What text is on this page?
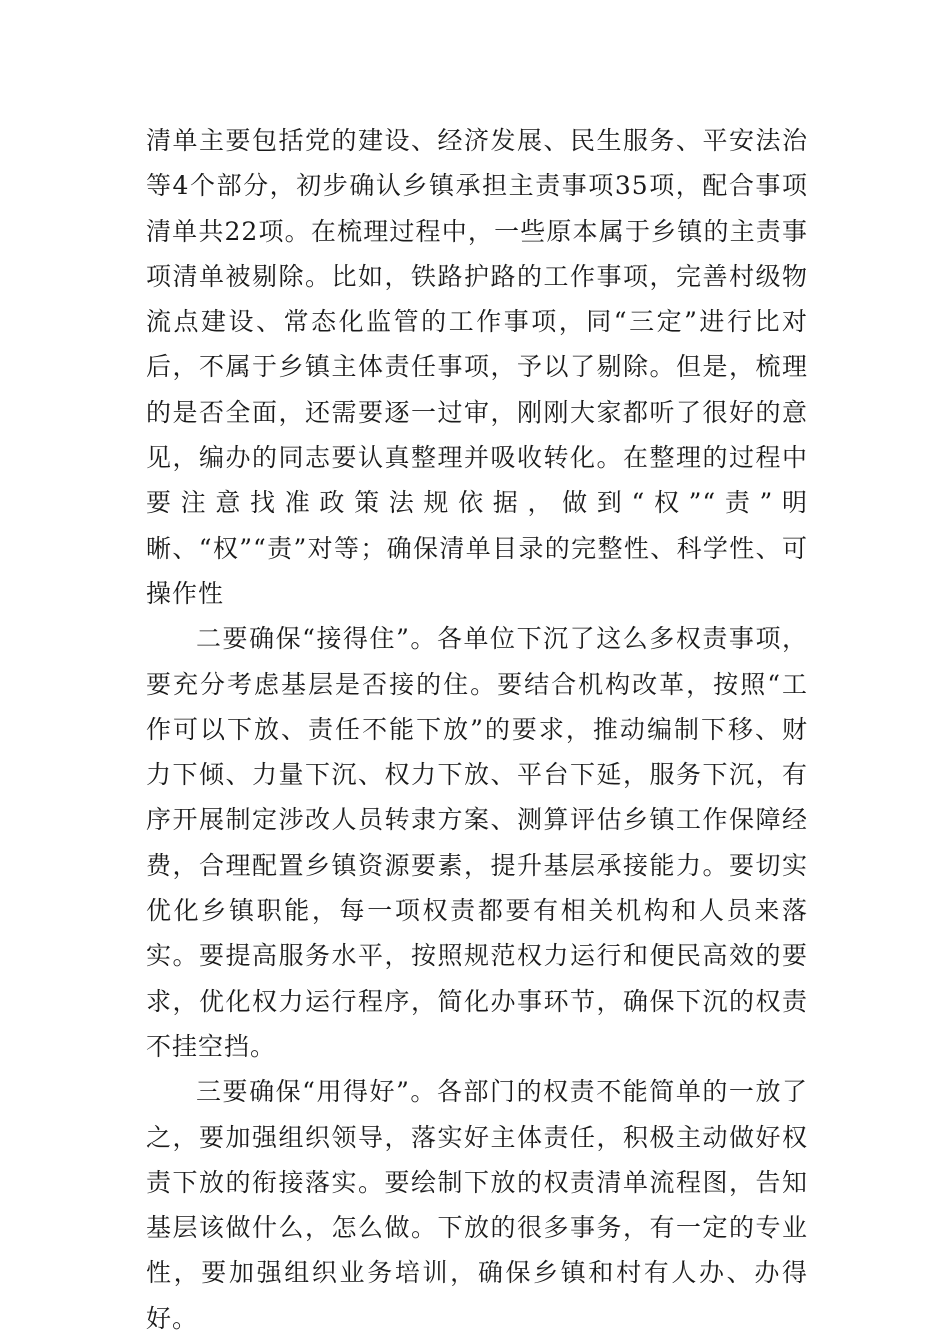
清单主要包括党的建设、经济发展、民生服务、平安法治等4个部分，初步确认乡镇承担主责事项35项，配合事项清单共22项。在梳理过程中，一些原本属于乡镇的主责事项清单被剔除。比如，铁路护路的工作事项，完善村级物流点建设、常态化监管的工作事项，同“三定”进行比对后，不属于乡镇主体责任事项，予以了剔除。但是，梳理的是否全面，还需要逐一过审，刚刚大家都听了很好的意见，编办的同志要认真整理并吸收转化。在整理的过程中要注意找准政策法规依据，做到“权”“责”明晰、“权”“责”对等；确保清单目录的完整性、科学性、可操作性

二要确保“接得住”。各单位下沉了这么多权责事项，要充分考虑基层是否接的住。要结合机构改革，按照“工作可以下放、责任不能下放”的要求，推动编制下移、财力下倾、力量下沉、权力下放、平台下延，服务下沉，有序开展制定涉改人员转隶方案、测算评估乡镇工作保障经费，合理配置乡镇资源要素，提升基层承接能力。要切实优化乡镇职能，每一项权责都要有相关机构和人员来落实。要提高服务水平，按照规范权力运行和便民高效的要求，优化权力运行程序，简化办事环节，确保下沉的权责不挂空挡。

三要确保“用得好”。各部门的权责不能简单的一放了之，要加强组织领导，落实好主体责任，积极主动做好权责下放的衔接落实。要绘制下放的权责清单流程图，告知基层该做什么，怎么做。下放的很多事务，有一定的专业性，要加强组织业务培训，确保乡镇和村有人办、办得好。
